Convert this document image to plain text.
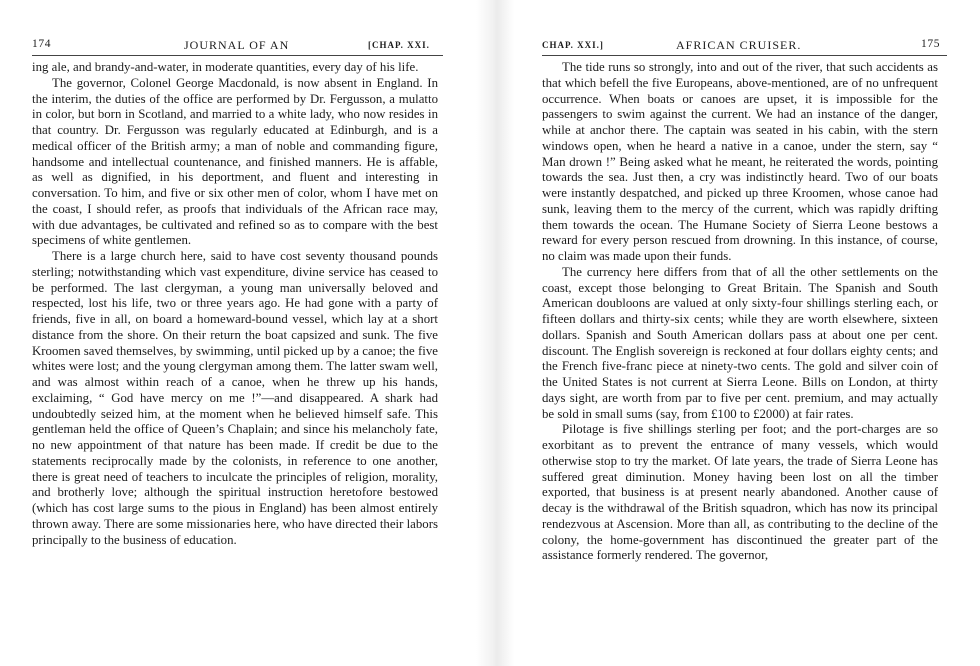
174	JOURNAL OF AN	[CHAP. XXI.

ing ale, and brandy-and-water, in moderate quantities, every day of his life.

The governor, Colonel George Macdonald, is now absent in England. In the interim, the duties of the office are performed by Dr. Fergusson, a mulatto in color, but born in Scotland, and married to a white lady, who now resides in that country. Dr. Fergusson was regularly educated at Edinburgh, and is a medical officer of the British army; a man of noble and commanding figure, handsome and intellectual countenance, and finished manners. He is affable, as well as dignified, in his deportment, and fluent and interesting in conversation. To him, and five or six other men of color, whom I have met on the coast, I should refer, as proofs that individuals of the African race may, with due advantages, be cultivated and refined so as to compare with the best specimens of white gentlemen.

There is a large church here, said to have cost seventy thousand pounds sterling; notwithstanding which vast expenditure, divine service has ceased to be performed. The last clergyman, a young man universally beloved and respected, lost his life, two or three years ago. He had gone with a party of friends, five in all, on board a homeward-bound vessel, which lay at a short distance from the shore. On their return the boat capsized and sunk. The five Kroomen saved themselves, by swimming, until picked up by a canoe; the five whites were lost; and the young clergyman among them. The latter swam well, and was almost within reach of a canoe, when he threw up his hands, exclaiming, “ God have mercy on me !”—and disappeared. A shark had undoubtedly seized him, at the moment when he believed himself safe. This gentleman held the office of Queen’s Chaplain; and since his melancholy fate, no new appointment of that nature has been made. If credit be due to the statements reciprocally made by the colonists, in reference to one another, there is great need of teachers to inculcate the principles of religion, morality, and brotherly love; although the spiritual instruction heretofore bestowed (which has cost large sums to the pious in England) has been almost entirely thrown away. There are some missionaries here, who have directed their labors principally to the business of education.

CHAP. XXI.]	AFRICAN CRUISER.	175

The tide runs so strongly, into and out of the river, that such accidents as that which befell the five Europeans, above-mentioned, are of no unfrequent occurrence. When boats or canoes are upset, it is impossible for the passengers to swim against the current. We had an instance of the danger, while at anchor there. The captain was seated in his cabin, with the stern windows open, when he heard a native in a canoe, under the stern, say “ Man drown !” Being asked what he meant, he reiterated the words, pointing towards the sea. Just then, a cry was indistinctly heard. Two of our boats were instantly despatched, and picked up three Kroomen, whose canoe had sunk, leaving them to the mercy of the current, which was rapidly drifting them towards the ocean. The Humane Society of Sierra Leone bestows a reward for every person rescued from drowning. In this instance, of course, no claim was made upon their funds.

The currency here differs from that of all the other settlements on the coast, except those belonging to Great Britain. The Spanish and South American doubloons are valued at only sixty-four shillings sterling each, or fifteen dollars and thirty-six cents; while they are worth elsewhere, sixteen dollars. Spanish and South American dollars pass at about one per cent. discount. The English sovereign is reckoned at four dollars eighty cents; and the French five-franc piece at ninety-two cents. The gold and silver coin of the United States is not current at Sierra Leone. Bills on London, at thirty days sight, are worth from par to five per cent. premium, and may actually be sold in small sums (say, from £100 to £2000) at fair rates.

Pilotage is five shillings sterling per foot; and the port-charges are so exorbitant as to prevent the entrance of many vessels, which would otherwise stop to try the market. Of late years, the trade of Sierra Leone has suffered great diminution. Money having been lost on all the timber exported, that business is at present nearly abandoned. Another cause of decay is the withdrawal of the British squadron, which has now its principal rendezvous at Ascension. More than all, as contributing to the decline of the colony, the home-government has discontinued the greater part of the assistance formerly rendered. The governor,
